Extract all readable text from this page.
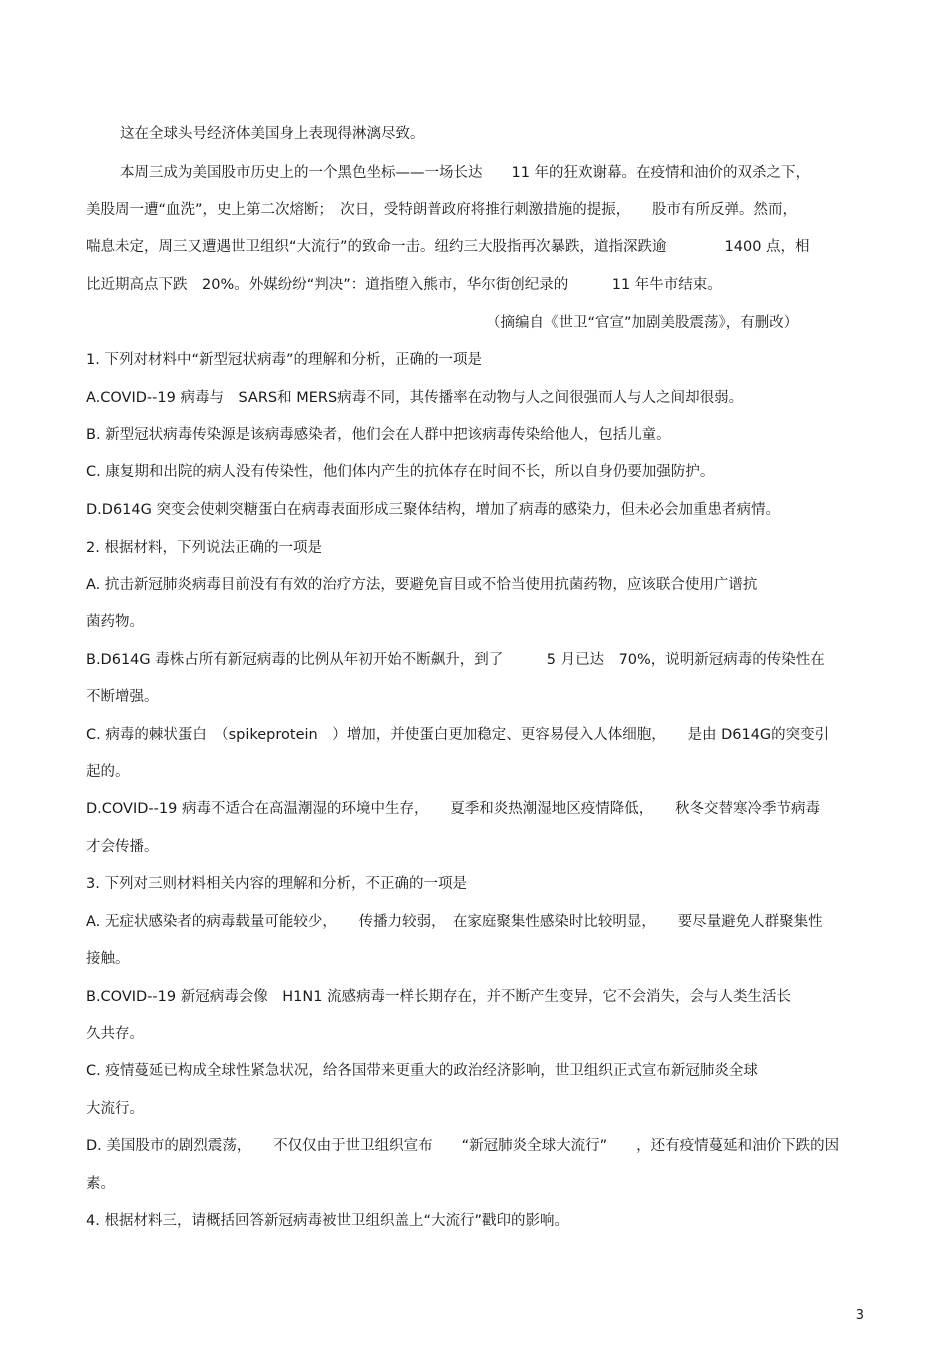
这在全球头号经济体美国身上表现得淋漓尽致。
本周三成为美国股市历史上的一个黑色坐标——一场长达　　11 年的狂欢谢幕。在疫情和油价的双杀之下，
美股周一遭“血洗”，史上第二次熔断；　次日，受特朗普政府将推行刺激措施的提振，　　股市有所反弹。然而，
喘息未定，周三又遭遇世卫组织“大流行”的致命一击。纽约三大股指再次暴跌，道指深跌逾　　　　1400 点，相
比近期高点下跌　20%。外媒纷纷“判决”：道指堕入熊市，华尔街创纪录的　　　11 年牛市结束。
（摘编自《世卫“官宣”加剧美股震荡》，有删改）
1. 下列对材料中“新型冠状病毒”的理解和分析，正确的一项是
A.COVID--19 病毒与　SARS和 MERS病毒不同，其传播率在动物与人之间很强而人与人之间却很弱。
B. 新型冠状病毒传染源是该病毒感染者，他们会在人群中把该病毒传染给他人，包括儿童。
C. 康复期和出院的病人没有传染性，他们体内产生的抗体存在时间不长，所以自身仍要加强防护。
D.D614G 突变会使刺突糖蛋白在病毒表面形成三聚体结构，增加了病毒的感染力，但未必会加重患者病情。
2. 根据材料，下列说法正确的一项是
A. 抗击新冠肺炎病毒目前没有有效的治疗方法，要避免盲目或不恰当使用抗菌药物，应该联合使用广谱抗
菌药物。
B.D614G 毒株占所有新冠病毒的比例从年初开始不断飙升，到了　　　5 月已达　70%，说明新冠病毒的传染性在
不断增强。
C. 病毒的棘状蛋白　（spikeprotein　）增加，并使蛋白更加稳定、更容易侵入人体细胞，　　是由 D614G的突变引
起的。
D.COVID--19 病毒不适合在高温潮湿的环境中生存，　　夏季和炎热潮湿地区疫情降低，　　秋冬交替寒冷季节病毒
才会传播。
3. 下列对三则材料相关内容的理解和分析，不正确的一项是
A. 无症状感染者的病毒载量可能较少，　　传播力较弱，　在家庭聚集性感染时比较明显，　　要尽量避免人群聚集性
接触。
B.COVID--19 新冠病毒会像　H1N1 流感病毒一样长期存在，并不断产生变异，它不会消失，会与人类生活长
久共存。
C. 疫情蔓延已构成全球性紧急状况，给各国带来更重大的政治经济影响，世卫组织正式宣布新冠肺炎全球
大流行。
D. 美国股市的剧烈震荡，　　不仅仅由于世卫组织宣布　　“新冠肺炎全球大流行”　　，还有疫情蔓延和油价下跌的因
素。
4. 根据材料三，请概括回答新冠病毒被世卫组织盖上“大流行”戳印的影响。
3
